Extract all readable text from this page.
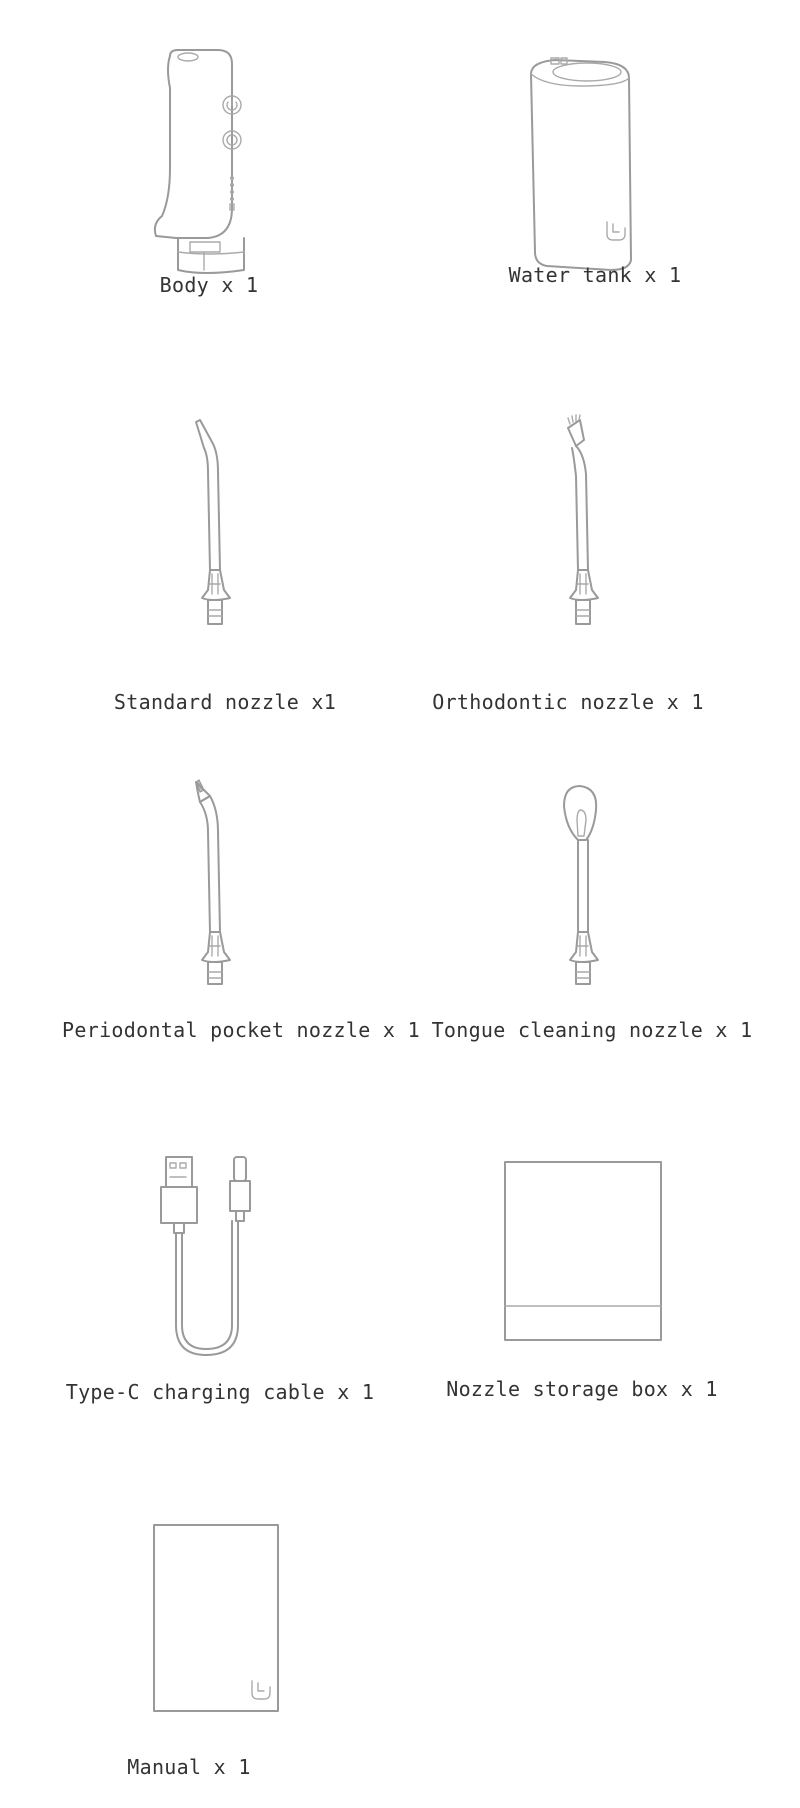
Body x 1	Water tank x 1
Standard nozzle x1	Orthodontic nozzle x 1
Periodontal pocket nozzle x 1 Tongue cleaning nozzle x 1
Type-C charging cable x 1	Nozzle storage box x 1
Manual x 1
